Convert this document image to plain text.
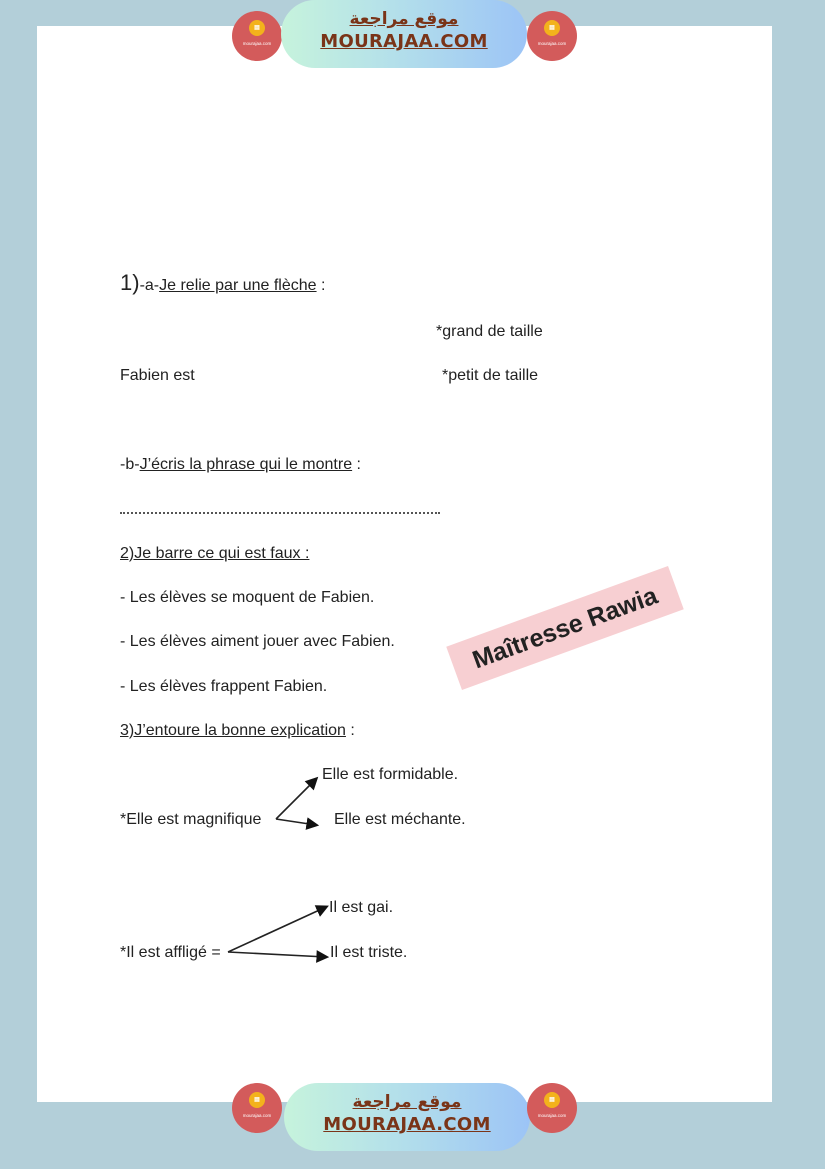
▤
mourajaa.com
موقع مراجعة
MOURAJAA.COM
▤
mourajaa.com
1)-a-Je relie par une flèche :
*grand de taille
Fabien est	*petit de taille
-b-J’écris la phrase qui le montre :
2)Je barre ce qui est faux :
- Les élèves se moquent de Fabien.
- Les élèves aiment jouer avec Fabien.
- Les élèves frappent Fabien.
Maîtresse Rawia
3)J’entoure la bonne explication :
Elle est formidable.
*Elle est magnifique	Elle est méchante.
Il est gai.
*Il est affligé =	Il est triste.
▤
mourajaa.com
موقع مراجعة
MOURAJAA.COM
▤
mourajaa.com
